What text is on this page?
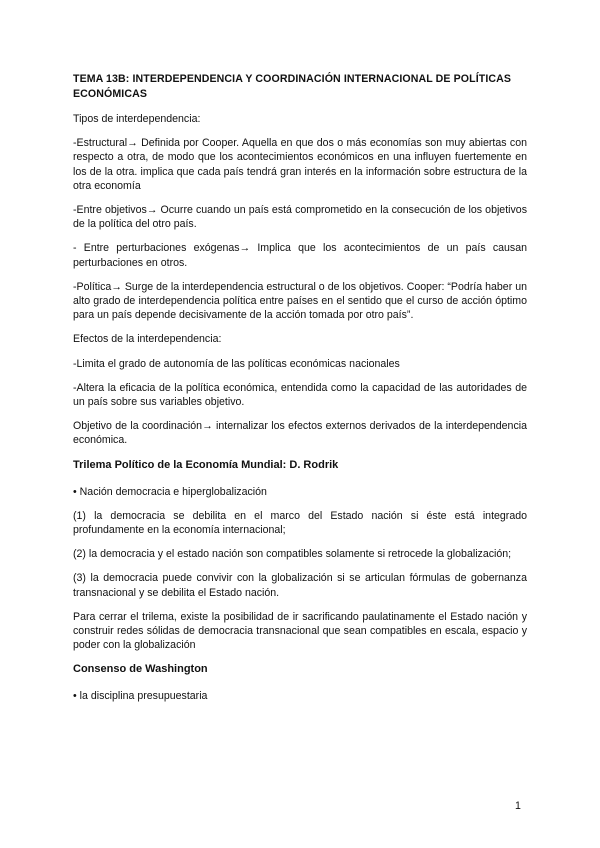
TEMA 13B: INTERDEPENDENCIA Y COORDINACIÓN INTERNACIONAL DE POLÍTICAS ECONÓMICAS

Tipos de interdependencia:

-Estructural→ Definida por Cooper. Aquella en que dos o más economías son muy abiertas con respecto a otra, de modo que los acontecimientos económicos en una influyen fuertemente en los de la otra. implica que cada país tendrá gran interés en la información sobre estructura de la otra economía

-Entre objetivos→ Ocurre cuando un país está comprometido en la consecución de los objetivos de la política del otro país.

- Entre perturbaciones exógenas→ Implica que los acontecimientos de un país causan perturbaciones en otros.

-Política→ Surge de la interdependencia estructural o de los objetivos. Cooper: “Podría haber un alto grado de interdependencia política entre países en el sentido que el curso de acción óptimo para un país depende decisivamente de la acción tomada por otro país”.

Efectos de la interdependencia:

-Limita el grado de autonomía de las políticas económicas nacionales

-Altera la eficacia de la política económica, entendida como la capacidad de las autoridades de un país sobre sus variables objetivo.

Objetivo de la coordinación→ internalizar los efectos externos derivados de la interdependencia económica.

Trilema Político de la Economía Mundial: D. Rodrik

• Nación democracia e hiperglobalización

(1) la democracia se debilita en el marco del Estado nación si éste está integrado profundamente en la economía internacional;

(2) la democracia y el estado nación son compatibles solamente si retrocede la globalización;

(3) la democracia puede convivir con la globalización si se articulan fórmulas de gobernanza transnacional y se debilita el Estado nación.

Para cerrar el trilema, existe la posibilidad de ir sacrificando paulatinamente el Estado nación y construir redes sólidas de democracia transnacional que sean compatibles en escala, espacio y poder con la globalización

Consenso de Washington

• la disciplina presupuestaria

1
